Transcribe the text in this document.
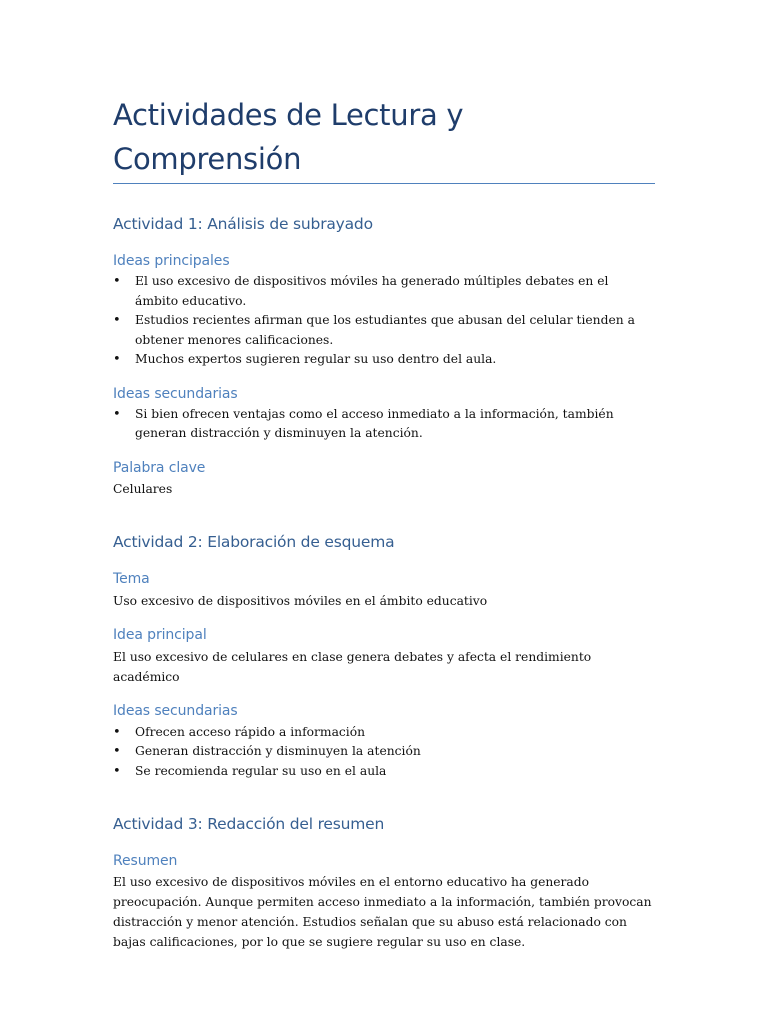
Actividades de Lectura y Comprensión
Actividad 1: Análisis de subrayado
Ideas principales
• El uso excesivo de dispositivos móviles ha generado múltiples debates en el ámbito educativo.
• Estudios recientes afirman que los estudiantes que abusan del celular tienden a obtener menores calificaciones.
• Muchos expertos sugieren regular su uso dentro del aula.
Ideas secundarias
• Si bien ofrecen ventajas como el acceso inmediato a la información, también generan distracción y disminuyen la atención.
Palabra clave

Celulares

Actividad 2: Elaboración de esquema
Tema

Uso excesivo de dispositivos móviles en el ámbito educativo

Idea principal

El uso excesivo de celulares en clase genera debates y afecta el rendimiento académico

Ideas secundarias
• Ofrecen acceso rápido a información
• Generan distracción y disminuyen la atención
• Se recomienda regular su uso en el aula
Actividad 3: Redacción del resumen
Resumen

El uso excesivo de dispositivos móviles en el entorno educativo ha generado preocupación. Aunque permiten acceso inmediato a la información, también provocan distracción y menor atención. Estudios señalan que su abuso está relacionado con bajas calificaciones, por lo que se sugiere regular su uso en clase.
